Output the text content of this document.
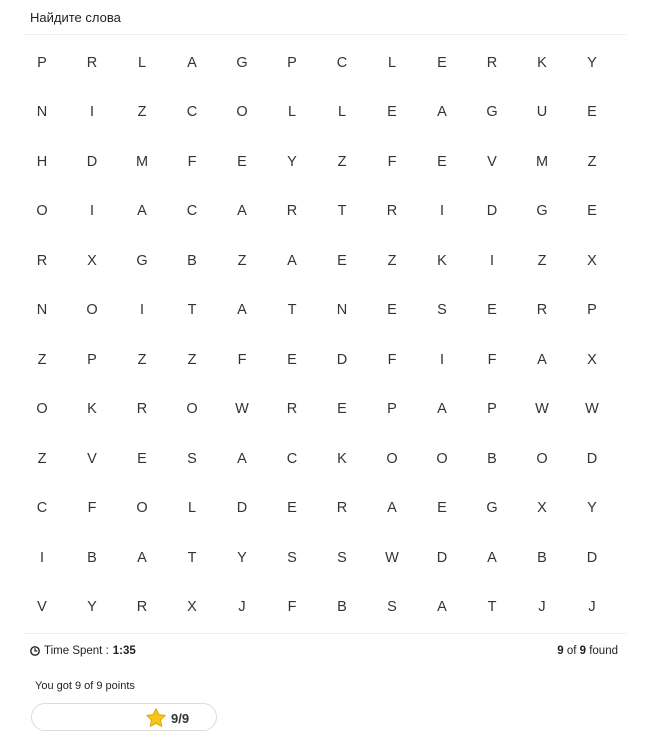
Найдите слова
P	R	L	A	G	P	C	L	E	R	K	Y
N	I	Z	C	O	L	L	E	A	G	U	E
H	D	M	F	E	Y	Z	F	E	V	M	Z
O	I	A	C	A	R	T	R	I	D	G	E
R	X	G	B	Z	A	E	Z	K	I	Z	X
N	O	I	T	A	T	N	E	S	E	R	P
Z	P	Z	Z	F	E	D	F	I	F	A	X
O	K	R	O	W	R	E	P	A	P	W	W
Z	V	E	S	A	C	K	O	O	B	O	D
C	F	O	L	D	E	R	A	E	G	X	Y
I	B	A	T	Y	S	S	W	D	A	B	D
V	Y	R	X	J	F	B	S	A	T	J	J
Time Spent : 1:35	9 of 9 found
You got 9 of 9 points
9/9
